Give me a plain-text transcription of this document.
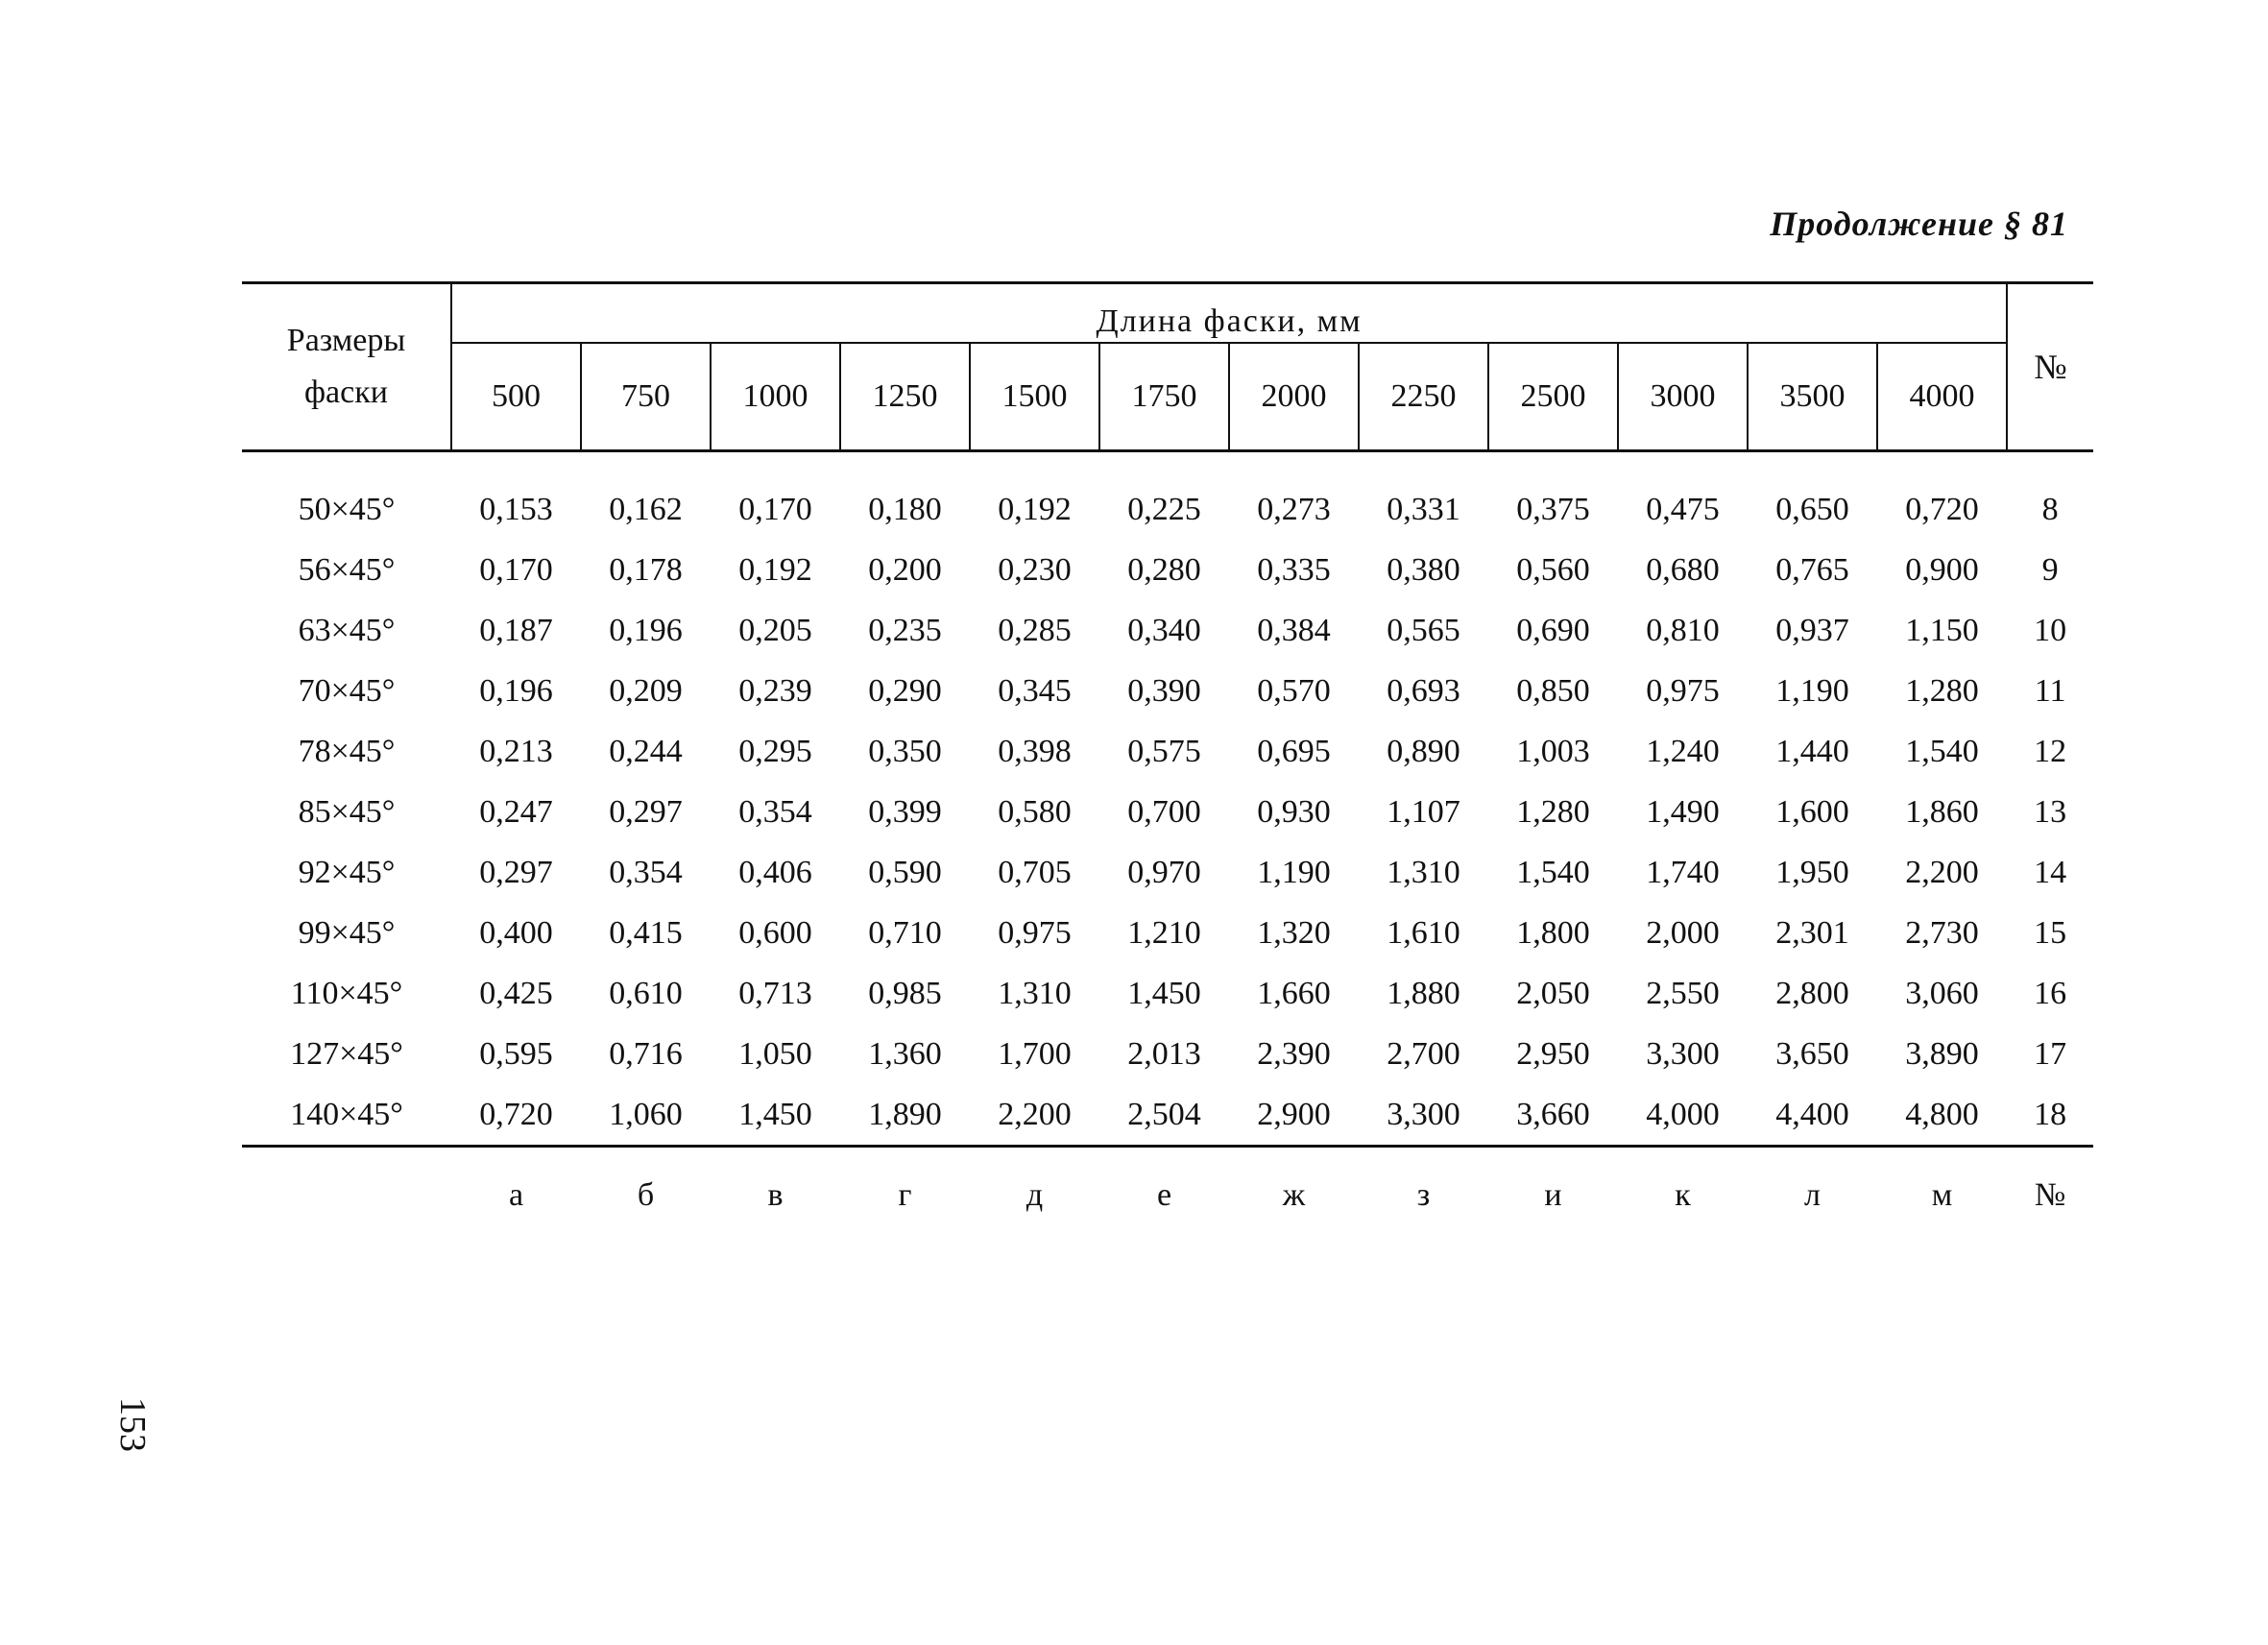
Продолжение § 81
Размеры фаски	Длина фаски, мм												№
	500	750	1000	1250	1500	1750	2000	2250	2500	3000	3500	4000	

50×45°	0,153	0,162	0,170	0,180	0,192	0,225	0,273	0,331	0,375	0,475	0,650	0,720	8
56×45°	0,170	0,178	0,192	0,200	0,230	0,280	0,335	0,380	0,560	0,680	0,765	0,900	9
63×45°	0,187	0,196	0,205	0,235	0,285	0,340	0,384	0,565	0,690	0,810	0,937	1,150	10
70×45°	0,196	0,209	0,239	0,290	0,345	0,390	0,570	0,693	0,850	0,975	1,190	1,280	11
78×45°	0,213	0,244	0,295	0,350	0,398	0,575	0,695	0,890	1,003	1,240	1,440	1,540	12
85×45°	0,247	0,297	0,354	0,399	0,580	0,700	0,930	1,107	1,280	1,490	1,600	1,860	13
92×45°	0,297	0,354	0,406	0,590	0,705	0,970	1,190	1,310	1,540	1,740	1,950	2,200	14
99×45°	0,400	0,415	0,600	0,710	0,975	1,210	1,320	1,610	1,800	2,000	2,301	2,730	15
110×45°	0,425	0,610	0,713	0,985	1,310	1,450	1,660	1,880	2,050	2,550	2,800	3,060	16
127×45°	0,595	0,716	1,050	1,360	1,700	2,013	2,390	2,700	2,950	3,300	3,650	3,890	17
140×45°	0,720	1,060	1,450	1,890	2,200	2,504	2,900	3,300	3,660	4,000	4,400	4,800	18
	а	б	в	г	д	е	ж	з	и	к	л	м	№
153
